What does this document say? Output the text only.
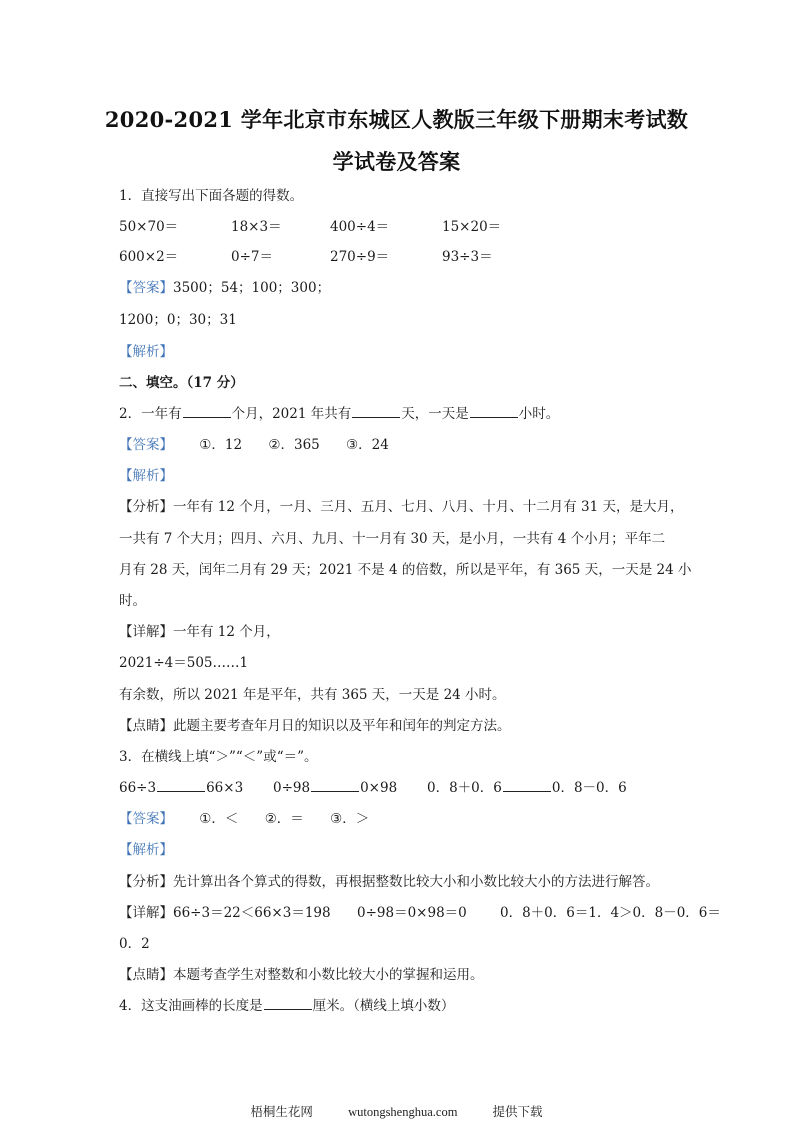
2020-2021 学年北京市东城区人教版三年级下册期末考试数
学试卷及答案
1．直接写出下面各题的得数。
50×70＝	18×3＝	400÷4＝	15×20＝
600×2＝	0÷7＝	270÷9＝	93÷3＝
【答案】3500；54；100；300；
1200；0；30；31
【解析】
二、填空。（17 分）
2．一年有	个月，2021 年共有	天，一天是	小时。
【答案】 ①．12 ②．365 ③．24
【解析】
【分析】一年有 12 个月，一月、三月、五月、七月、八月、十月、十二月有 31 天，是大月，
一共有 7 个大月；四月、六月、九月、十一月有 30 天，是小月，一共有 4 个小月；平年二
月有 28 天，闰年二月有 29 天；2021 不是 4 的倍数，所以是平年，有 365 天，一天是 24 小
时。
【详解】一年有 12 个月，
2021÷4＝505……1
有余数，所以 2021 年是平年，共有 365 天，一天是 24 小时。
【点睛】此题主要考查年月日的知识以及平年和闰年的判定方法。
3．在横线上填“＞”“＜”或“＝”。
66÷3	66×3 0÷98	0×98 0．8＋0．6	0．8－0．6
【答案】 ①．＜ ②．＝ ③．＞
【解析】
【分析】先计算出各个算式的得数，再根据整数比较大小和小数比较大小的方法进行解答。
【详解】66÷3＝22＜66×3＝198 0÷98＝0×98＝0 0．8＋0．6＝1．4＞0．8－0．6＝
0．2
【点睛】本题考查学生对整数和小数比较大小的掌握和运用。
4．这支油画棒的长度是	厘米。（横线上填小数）
梧桐生花网	wutongshenghua.com	提供下载
